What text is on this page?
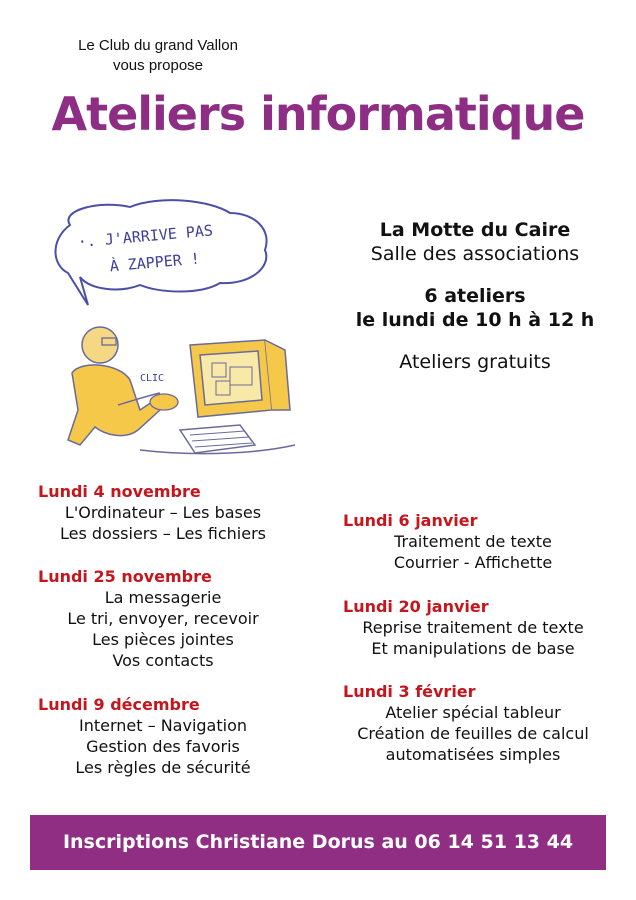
Le Club du grand Vallon
vous propose
Ateliers informatique
·. J'ARRIVE PAS
À ZAPPER !
CLIC
La Motte du Caire
Salle des associations
6 ateliers
le lundi de 10 h à 12 h
Ateliers gratuits
Lundi 4 novembre
L'Ordinateur – Les bases
Les dossiers – Les fichiers
Lundi 25 novembre
La messagerie
Le tri, envoyer, recevoir
Les pièces jointes
Vos contacts
Lundi 9 décembre
Internet – Navigation
Gestion des favoris
Les règles de sécurité
Lundi 6 janvier
Traitement de texte
Courrier - Affichette
Lundi 20 janvier
Reprise traitement de texte
Et manipulations de base
Lundi 3 février
Atelier spécial tableur
Création de feuilles de calcul
automatisées simples
Inscriptions Christiane Dorus au 06 14 51 13 44
